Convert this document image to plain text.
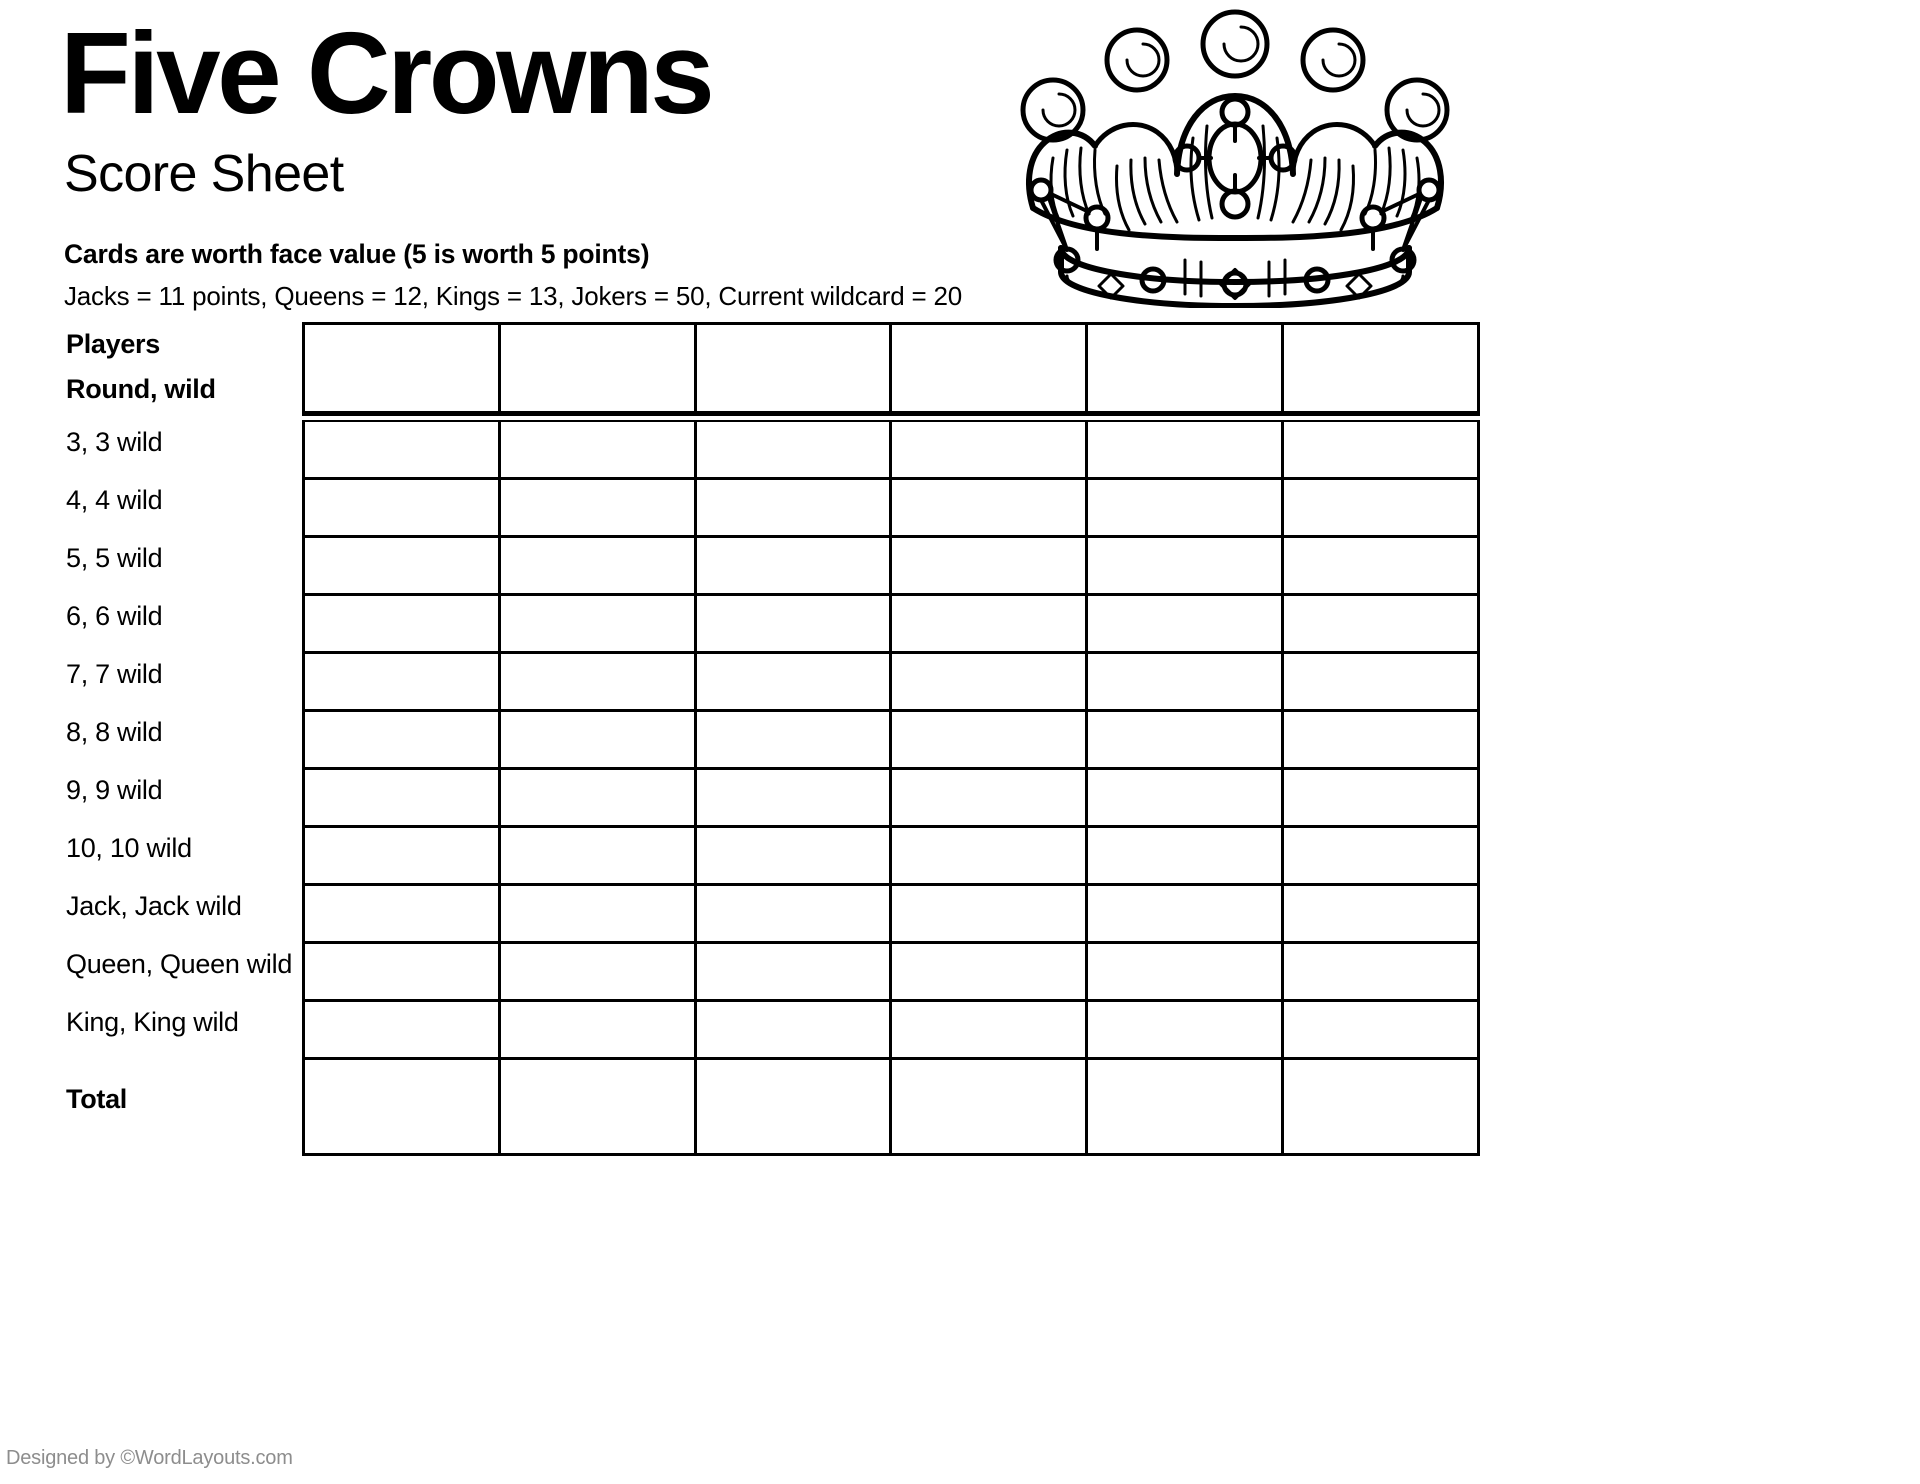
Five Crowns
Score Sheet
Cards are worth face value (5 is worth 5 points)
Jacks = 11 points, Queens = 12, Kings = 13, Jokers = 50, Current wildcard = 20
Players
Round, wild
3, 3 wild
4, 4 wild
5, 5 wild
6, 6 wild
7, 7 wild
8, 8 wild
9, 9 wild
10, 10 wild
Jack, Jack wild
Queen, Queen wild
King, King wild
Total
Designed by ©WordLayouts.com
